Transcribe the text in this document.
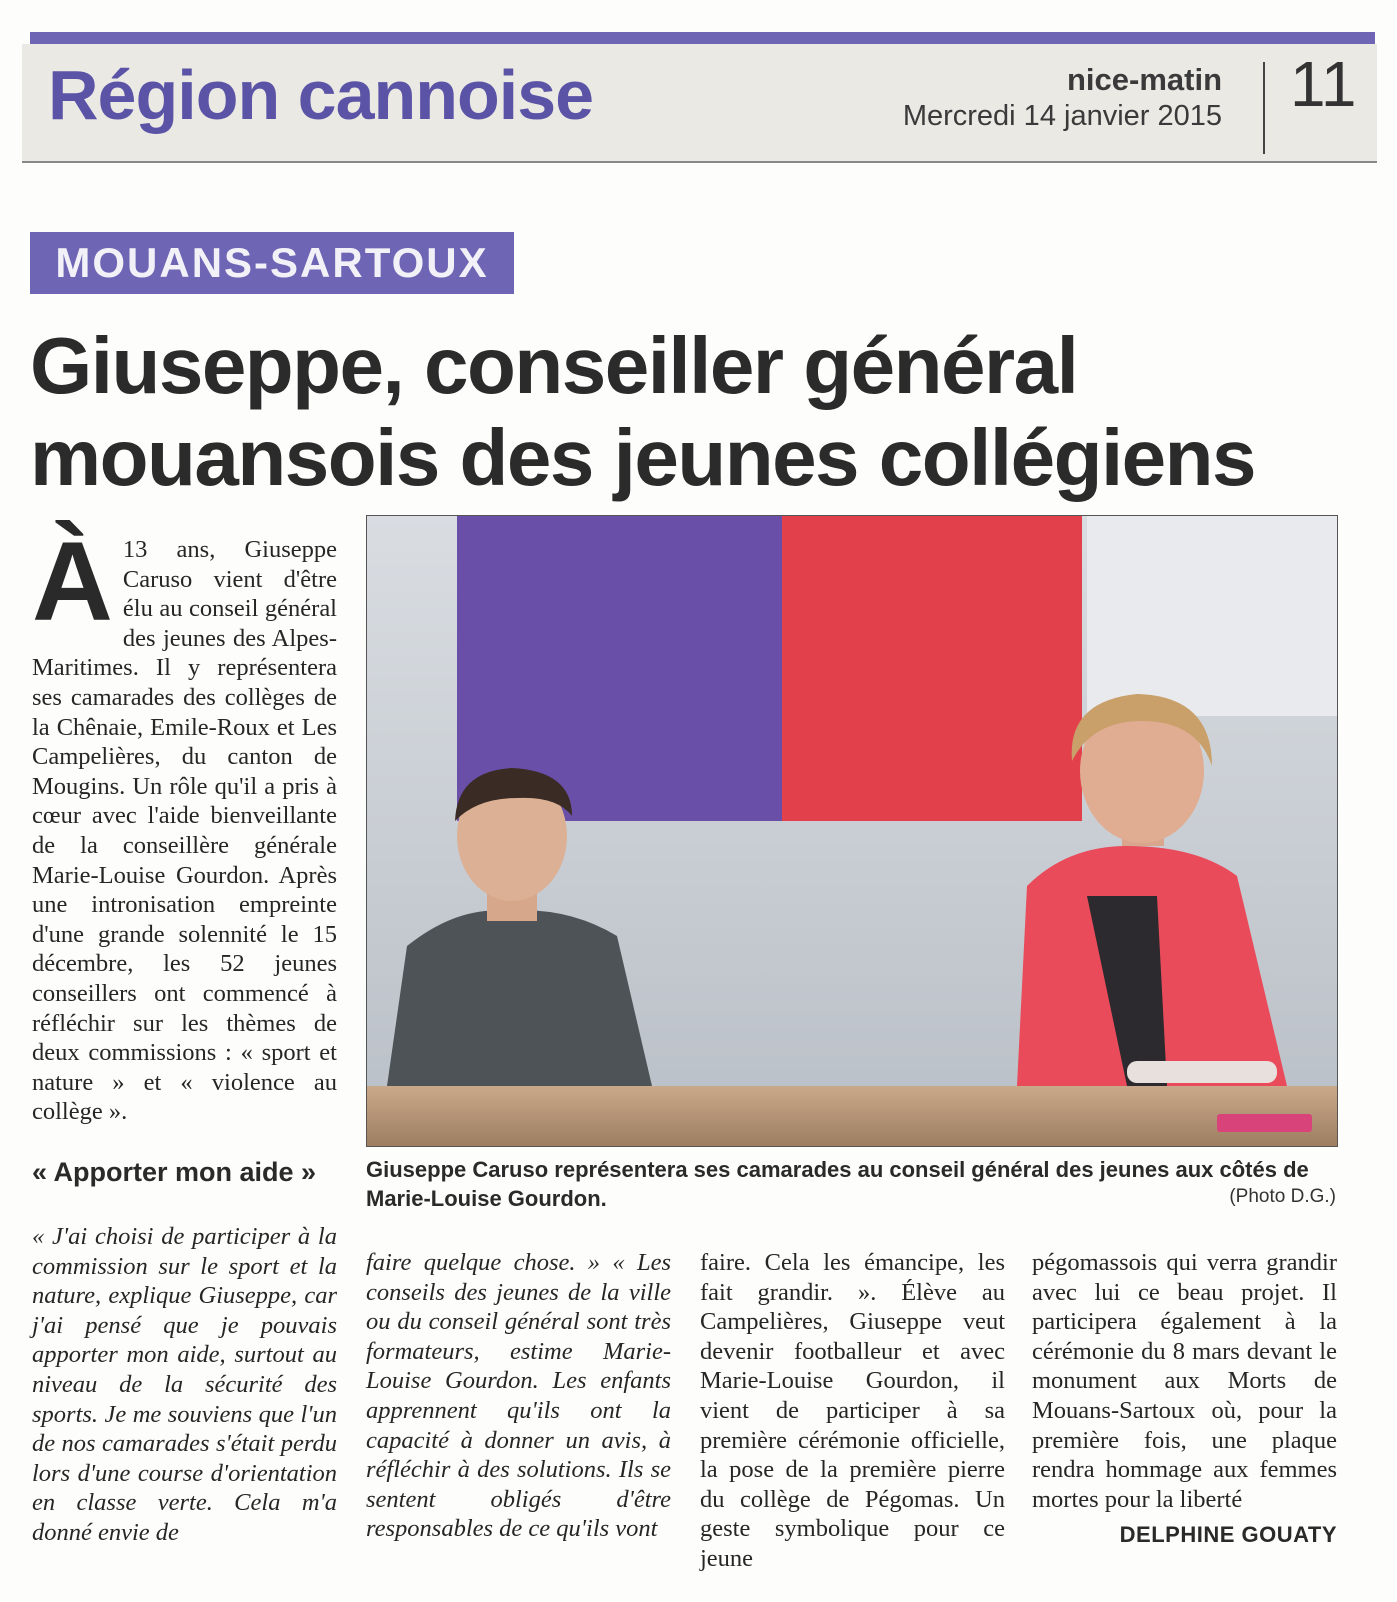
Région cannoise	nice-matin
Mercredi 14 janvier 2015 11
MOUANS-SARTOUX
Giuseppe, conseiller général mouansois des jeunes collégiens
À 13 ans, Giuseppe Caruso vient d'être élu au conseil général des jeunes des Alpes-Maritimes. Il y représentera ses camarades des collèges de la Chênaie, Emile-Roux et Les Campelières, du canton de Mougins. Un rôle qu'il a pris à cœur avec l'aide bienveillante de la conseillère générale Marie-Louise Gourdon. Après une intronisation empreinte d'une grande solennité le 15 décembre, les 52 jeunes conseillers ont commencé à réfléchir sur les thèmes de deux commissions : « sport et nature » et « violence au collège ».
« Apporter mon aide »
« J'ai choisi de participer à la commission sur le sport et la nature, explique Giuseppe, car j'ai pensé que je pouvais apporter mon aide, surtout au niveau de la sécurité des sports. Je me souviens que l'un de nos camarades s'était perdu lors d'une course d'orientation en classe verte. Cela m'a donné envie de
faire quelque chose. » « Les conseils des jeunes de la ville ou du conseil général sont très formateurs, estime Marie-Louise Gourdon. Les enfants apprennent qu'ils ont la capacité à donner un avis, à réfléchir à des solutions. Ils se sentent obligés d'être responsables de ce qu'ils vont
faire. Cela les émancipe, les fait grandir. ». Élève au Campelières, Giuseppe veut devenir footballeur et avec Marie-Louise Gourdon, il vient de participer à sa première cérémonie officielle, la pose de la première pierre du collège de Pégomas. Un geste symbolique pour ce jeune
pégomassois qui verra grandir avec lui ce beau projet. Il participera également à la cérémonie du 8 mars devant le monument aux Morts de Mouans-Sartoux où, pour la première fois, une plaque rendra hommage aux femmes mortes pour la liberté
DELPHINE GOUATY
Giuseppe Caruso représentera ses camarades au conseil général des jeunes aux côtés de Marie-Louise Gourdon.	(Photo D.G.)
